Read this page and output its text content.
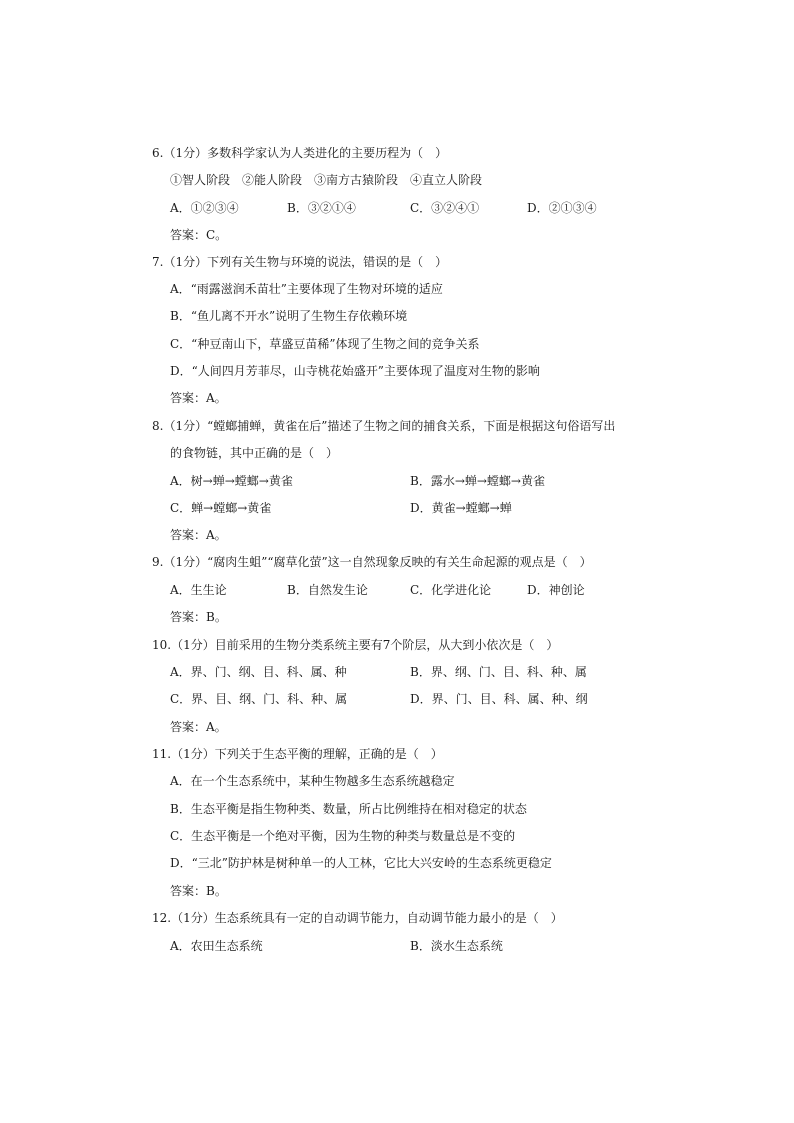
6.（1分）多数科学家认为人类进化的主要历程为（　）
①智人阶段　②能人阶段　③南方古猿阶段　④直立人阶段
A．①②③④	B．③②①④	C．③②④①	D．②①③④
答案：C。
7.（1分）下列有关生物与环境的说法，错误的是（　）
A．“雨露滋润禾苗壮”主要体现了生物对环境的适应
B．“鱼儿离不开水”说明了生物生存依赖环境
C．“种豆南山下，草盛豆苗稀”体现了生物之间的竞争关系
D．“人间四月芳菲尽，山寺桃花始盛开”主要体现了温度对生物的影响
答案：A。
8.（1分）“螳螂捕蝉，黄雀在后”描述了生物之间的捕食关系，下面是根据这句俗语写出
的食物链，其中正确的是（　）
A．树→蝉→螳螂→黄雀	B．露水→蝉→螳螂→黄雀
C．蝉→螳螂→黄雀	D．黄雀→螳螂→蝉
答案：A。
9.（1分）“腐肉生蛆”“腐草化萤”这一自然现象反映的有关生命起源的观点是（　）
A．生生论	B．自然发生论	C．化学进化论	D．神创论
答案：B。
10.（1分）目前采用的生物分类系统主要有7个阶层，从大到小依次是（　）
A．界、门、纲、目、科、属、种	B．界、纲、门、目、科、种、属
C．界、目、纲、门、科、种、属	D．界、门、目、科、属、种、纲
答案：A。
11.（1分）下列关于生态平衡的理解，正确的是（　）
A．在一个生态系统中，某种生物越多生态系统越稳定
B．生态平衡是指生物种类、数量，所占比例维持在相对稳定的状态
C．生态平衡是一个绝对平衡，因为生物的种类与数量总是不变的
D．“三北”防护林是树种单一的人工林，它比大兴安岭的生态系统更稳定
答案：B。
12.（1分）生态系统具有一定的自动调节能力，自动调节能力最小的是（　）
A．农田生态系统	B．淡水生态系统
